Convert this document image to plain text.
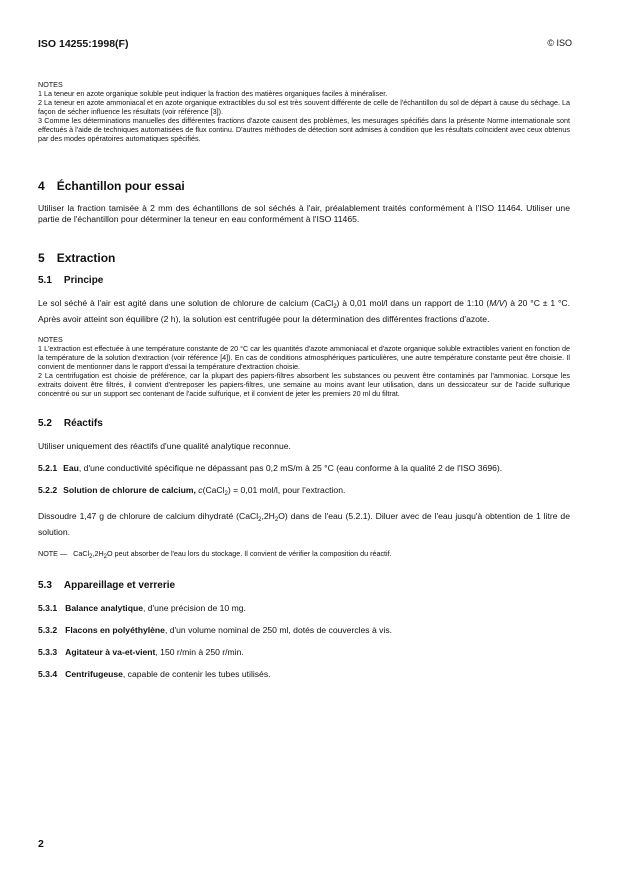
ISO 14255:1998(F)	© ISO

NOTES

1 La teneur en azote organique soluble peut indiquer la fraction des matières organiques faciles à minéraliser.

2 La teneur en azote ammoniacal et en azote organique extractibles du sol est très souvent différente de celle de l'échantillon du sol de départ à cause du séchage. La façon de sécher influence les résultats (voir référence [3]).

3 Comme les déterminations manuelles des différentes fractions d'azote causent des problèmes, les mesurages spécifiés dans la présente Norme internationale sont effectués à l'aide de techniques automatisées de flux continu. D'autres méthodes de détection sont admises à condition que les résultats coïncident avec ceux obtenus par des modes opératoires automatiques spécifiés.

4 Échantillon pour essai

Utiliser la fraction tamisée à 2 mm des échantillons de sol séchés à l'air, préalablement traités conformément à l'ISO 11464. Utiliser une partie de l'échantillon pour déterminer la teneur en eau conformément à l'ISO 11465.

5 Extraction
5.1 Principe

Le sol séché à l'air est agité dans une solution de chlorure de calcium (CaCl$_2$) à 0,01 mol/l dans un rapport de 1:10 (M/V) à 20 °C ± 1 °C. Après avoir atteint son équilibre (2 h), la solution est centrifugée pour la détermination des différentes fractions d'azote.

NOTES

1 L'extraction est effectuée à une température constante de 20 °C car les quantités d'azote ammoniacal et d'azote organique soluble extractibles varient en fonction de la température de la solution d'extraction (voir référence [4]). En cas de conditions atmosphériques particulières, une autre température constante peut être choisie. Il convient de mentionner dans le rapport d'essai la température d'extraction choisie.

2 La centrifugation est choisie de préférence, car la plupart des papiers-filtres absorbent les substances ou peuvent être contaminés par l'ammoniac. Lorsque les extraits doivent être filtrés, il convient d'entreposer les papiers-filtres, une semaine au moins avant leur utilisation, dans un dessiccateur sur de l'acide sulfurique concentré ou sur un support sec contenant de l'acide sulfurique, et il convient de jeter les premiers 20 ml du filtrat.

5.2 Réactifs

Utiliser uniquement des réactifs d'une qualité analytique reconnue.

5.2.1 Eau, d'une conductivité spécifique ne dépassant pas 0,2 mS/m à 25 °C (eau conforme à la qualité 2 de l'ISO 3696).

5.2.2 Solution de chlorure de calcium, c(CaCl$_2$) = 0,01 mol/l, pour l'extraction.

Dissoudre 1,47 g de chlorure de calcium dihydraté $(CaCl_2,2H_2O)$ dans de l'eau (5.2.1). Diluer avec de l'eau jusqu'à obtention de 1 litre de solution.

NOTE — $CaCl_2,2H_2O$ peut absorber de l'eau lors du stockage. Il convient de vérifier la composition du réactif.

5.3 Appareillage et verrerie

5.3.1 Balance analytique, d'une précision de 10 mg.

5.3.2 Flacons en polyéthylène, d'un volume nominal de 250 ml, dotés de couvercles à vis.

5.3.3 Agitateur à va-et-vient, 150 r/min à 250 r/min.

5.3.4 Centrifugeuse, capable de contenir les tubes utilisés.

2
